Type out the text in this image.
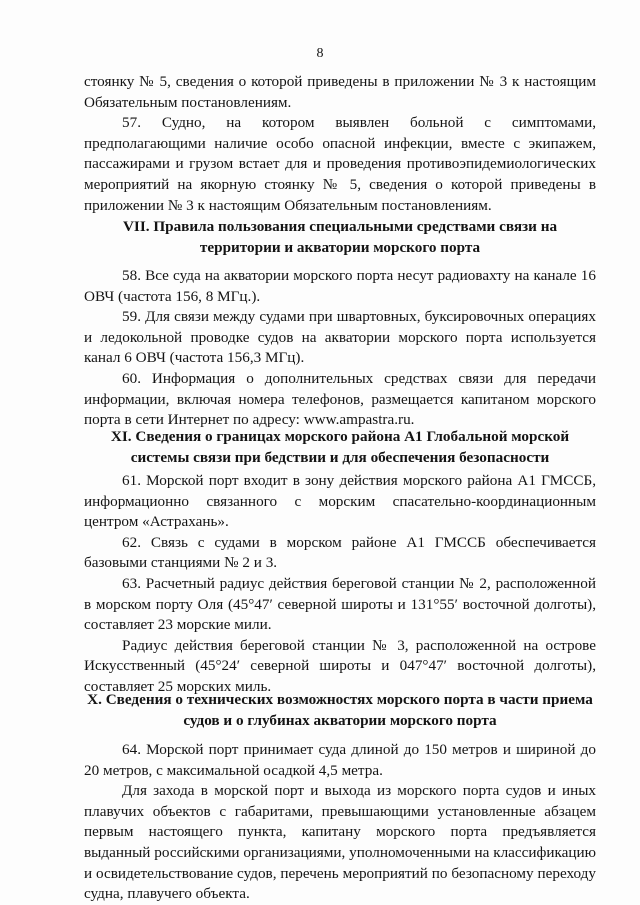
8

стоянку № 5, сведения о которой приведены в приложении № 3 к настоящим Обязательным постановлениям.

57. Судно, на котором выявлен больной с симптомами, предполагающими наличие особо опасной инфекции, вместе с экипажем, пассажирами и грузом встает для и проведения противоэпидемиологических мероприятий на якорную стоянку № 5, сведения о которой приведены в приложении № 3 к настоящим Обязательным постановлениям.

VII. Правила пользования специальными средствами связи на территории и акватории морского порта

58. Все суда на акватории морского порта несут радиовахту на канале 16 ОВЧ (частота 156, 8 МГц.).

59. Для связи между судами при швартовных, буксировочных операциях и ледокольной проводке судов на акватории морского порта используется канал 6 ОВЧ (частота 156,3 МГц).

60. Информация о дополнительных средствах связи для передачи информации, включая номера телефонов, размещается капитаном морского порта в сети Интернет по адресу: www.ampastra.ru.

XI. Сведения о границах морского района А1 Глобальной морской системы связи при бедствии и для обеспечения безопасности

61. Морской порт входит в зону действия морского района А1 ГМССБ, информационно связанного с морским спасательно-координационным центром «Астрахань».

62. Связь с судами в морском районе А1 ГМССБ обеспечивается базовыми станциями № 2 и 3.

63. Расчетный радиус действия береговой станции № 2, расположенной в морском порту Оля (45°47′ северной широты и 131°55′ восточной долготы), составляет 23 морские мили.

Радиус действия береговой станции № 3, расположенной на острове Искусственный (45°24′ северной широты и 047°47′ восточной долготы), составляет 25 морских миль.

X. Сведения о технических возможностях морского порта в части приема судов и о глубинах акватории морского порта

64. Морской порт принимает суда длиной до 150 метров и шириной до 20 метров, с максимальной осадкой 4,5 метра.

Для захода в морской порт и выхода из морского порта судов и иных плавучих объектов с габаритами, превышающими установленные абзацем первым настоящего пункта, капитану морского порта предъявляется выданный российскими организациями, уполномоченными на классификацию и освидетельствование судов, перечень мероприятий по безопасному переходу судна, плавучего объекта.
